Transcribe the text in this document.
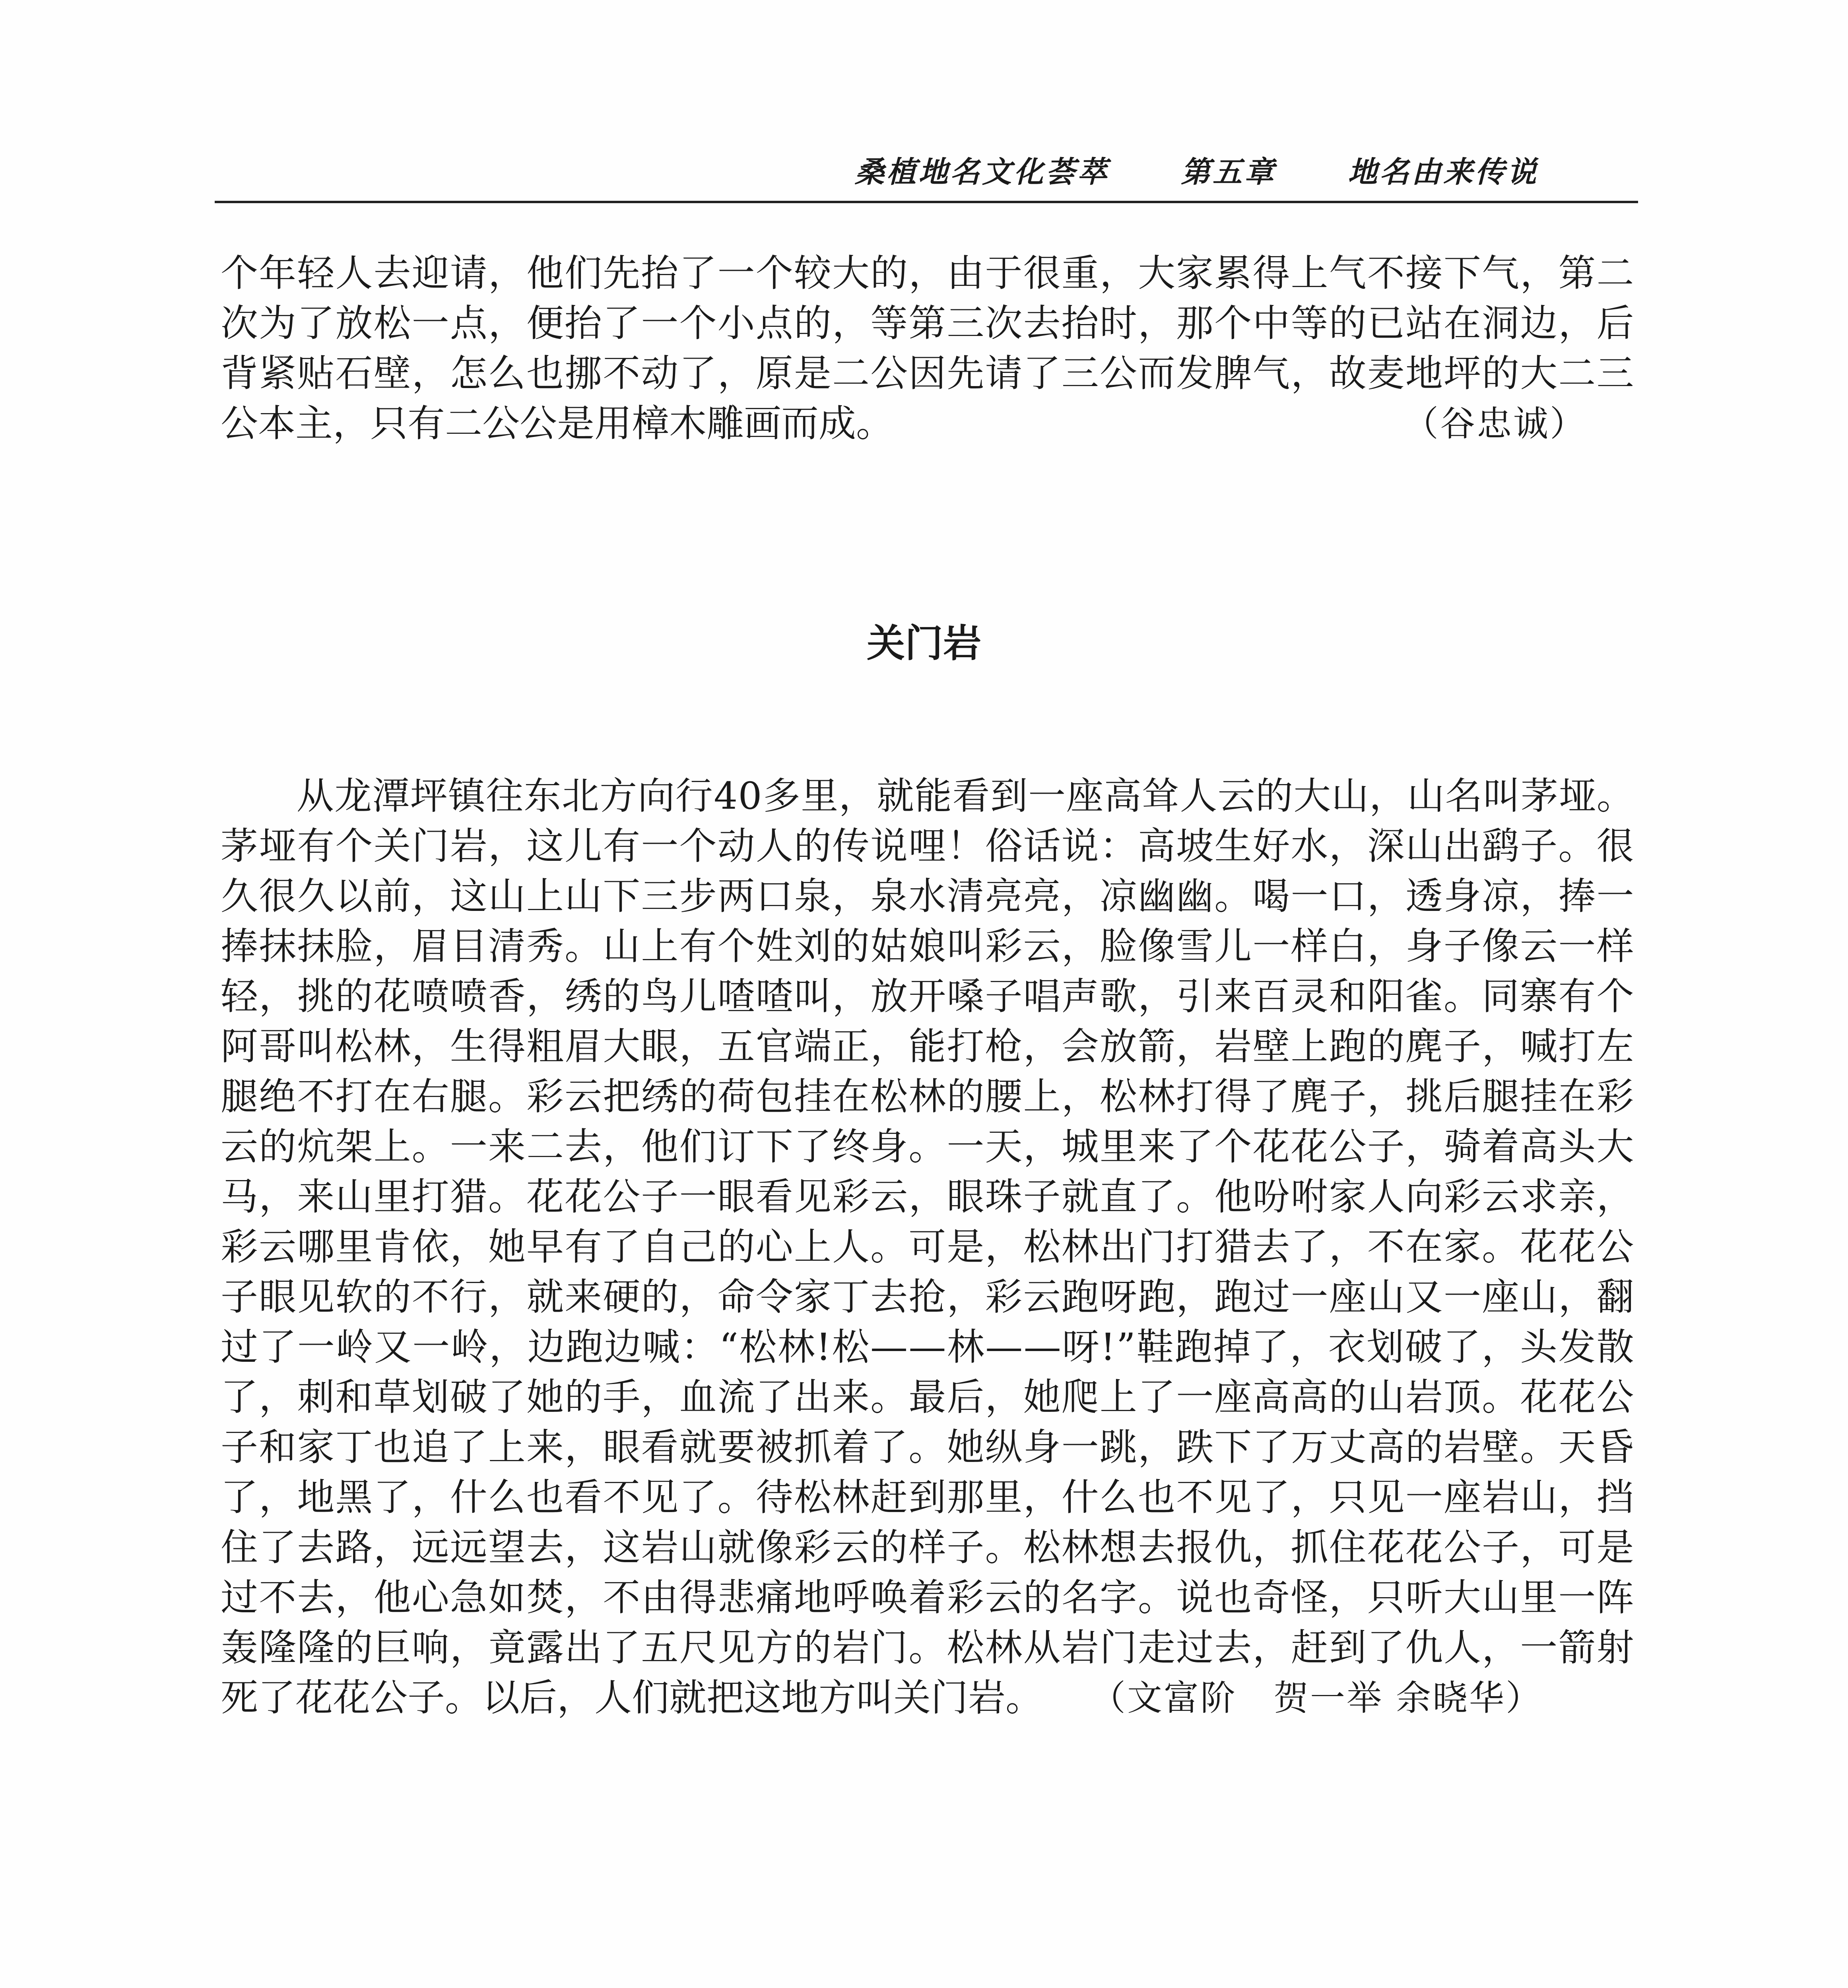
桑植地名文化荟萃	第五章	地名由来传说
个 年 轻 人 去 迎 请 ， 他 们 先 抬 了 一 个 较 大 的 ， 由 于 很 重 ， 大 家 累 得 上 气 不 接 下 气 ， 第 二
次 为 了 放 松 一 点 ， 便 抬 了 一 个 小 点 的 ， 等 第 三 次 去 抬 时 ， 那 个 中 等 的 已 站 在 洞 边 ， 后
背 紧 贴 石 壁 ， 怎 么 也 挪 不 动 了 ， 原 是 二 公 因 先 请 了 三 公 而 发 脾 气 ， 故 麦 地 坪 的 大 二 三
公本主，只有二公公是用樟木雕画而成。	（谷忠诚）
关门岩

从 龙 潭 坪 镇 往 东 北 方 向 行 4 0 多 里 ， 就 能 看 到 一 座 高 耸 人 云 的 大 山 ， 山 名 叫 茅 垭 。
茅 垭 有 个 关 门 岩 ， 这 儿 有 一 个 动 人 的 传 说 哩 ！ 俗 话 说 ： 高 坡 生 好 水 ， 深 山 出 鹞 子 。 很
久 很 久 以 前 ， 这 山 上 山 下 三 步 两 口 泉 ， 泉 水 清 亮 亮 ， 凉 幽 幽 。 喝 一 口 ， 透 身 凉 ， 捧 一
捧 抹 抹 脸 ， 眉 目 清 秀 。 山 上 有 个 姓 刘 的 姑 娘 叫 彩 云 ， 脸 像 雪 儿 一 样 白 ， 身 子 像 云 一 样
轻 ， 挑 的 花 喷 喷 香 ， 绣 的 鸟 儿 喳 喳 叫 ， 放 开 嗓 子 唱 声 歌 ， 引 来 百 灵 和 阳 雀 。 同 寨 有 个
阿 哥 叫 松 林 ， 生 得 粗 眉 大 眼 ， 五 官 端 正 ， 能 打 枪 ， 会 放 箭 ， 岩 壁 上 跑 的 麂 子 ， 喊 打 左
腿 绝 不 打 在 右 腿 。 彩 云 把 绣 的 荷 包 挂 在 松 林 的 腰 上 ， 松 林 打 得 了 麂 子 ， 挑 后 腿 挂 在 彩
云 的 炕 架 上 。 一 来 二 去 ， 他 们 订 下 了 终 身 。 一 天 ， 城 里 来 了 个 花 花 公 子 ， 骑 着 高 头 大
马 ， 来 山 里 打 猎 。 花 花 公 子 一 眼 看 见 彩 云 ， 眼 珠 子 就 直 了 。 他 吩 咐 家 人 向 彩 云 求 亲 ，
彩 云 哪 里 肯 依 ， 她 早 有 了 自 己 的 心 上 人 。 可 是 ， 松 林 出 门 打 猎 去 了 ， 不 在 家 。 花 花 公
子 眼 见 软 的 不 行 ， 就 来 硬 的 ， 命 令 家 丁 去 抢 ， 彩 云 跑 呀 跑 ， 跑 过 一 座 山 又 一 座 山 ， 翻
过 了 一 岭 又 一 岭 ， 边 跑 边 喊 ： “ 松 林 ! 松 — — 林 — — 呀 ! ” 鞋 跑 掉 了 ， 衣 划 破 了 ， 头 发 散
了 ， 刺 和 草 划 破 了 她 的 手 ， 血 流 了 出 来 。 最 后 ， 她 爬 上 了 一 座 高 高 的 山 岩 顶 。 花 花 公
子 和 家 丁 也 追 了 上 来 ， 眼 看 就 要 被 抓 着 了 。 她 纵 身 一 跳 ， 跌 下 了 万 丈 高 的 岩 壁 。 天 昏
了 ， 地 黑 了 ， 什 么 也 看 不 见 了 。 待 松 林 赶 到 那 里 ， 什 么 也 不 见 了 ， 只 见 一 座 岩 山 ， 挡
住 了 去 路 ， 远 远 望 去 ， 这 岩 山 就 像 彩 云 的 样 子 。 松 林 想 去 报 仇 ， 抓 住 花 花 公 子 ， 可 是
过 不 去 ， 他 心 急 如 焚 ， 不 由 得 悲 痛 地 呼 唤 着 彩 云 的 名 字 。 说 也 奇 怪 ， 只 听 大 山 里 一 阵
轰 隆 隆 的 巨 响 ， 竟 露 出 了 五 尺 见 方 的 岩 门 。 松 林 从 岩 门 走 过 去 ， 赶 到 了 仇 人 ， 一 箭 射
死了花花公子。以后，人们就把这地方叫关门岩。 （文富阶　贺一举 余晓华）
